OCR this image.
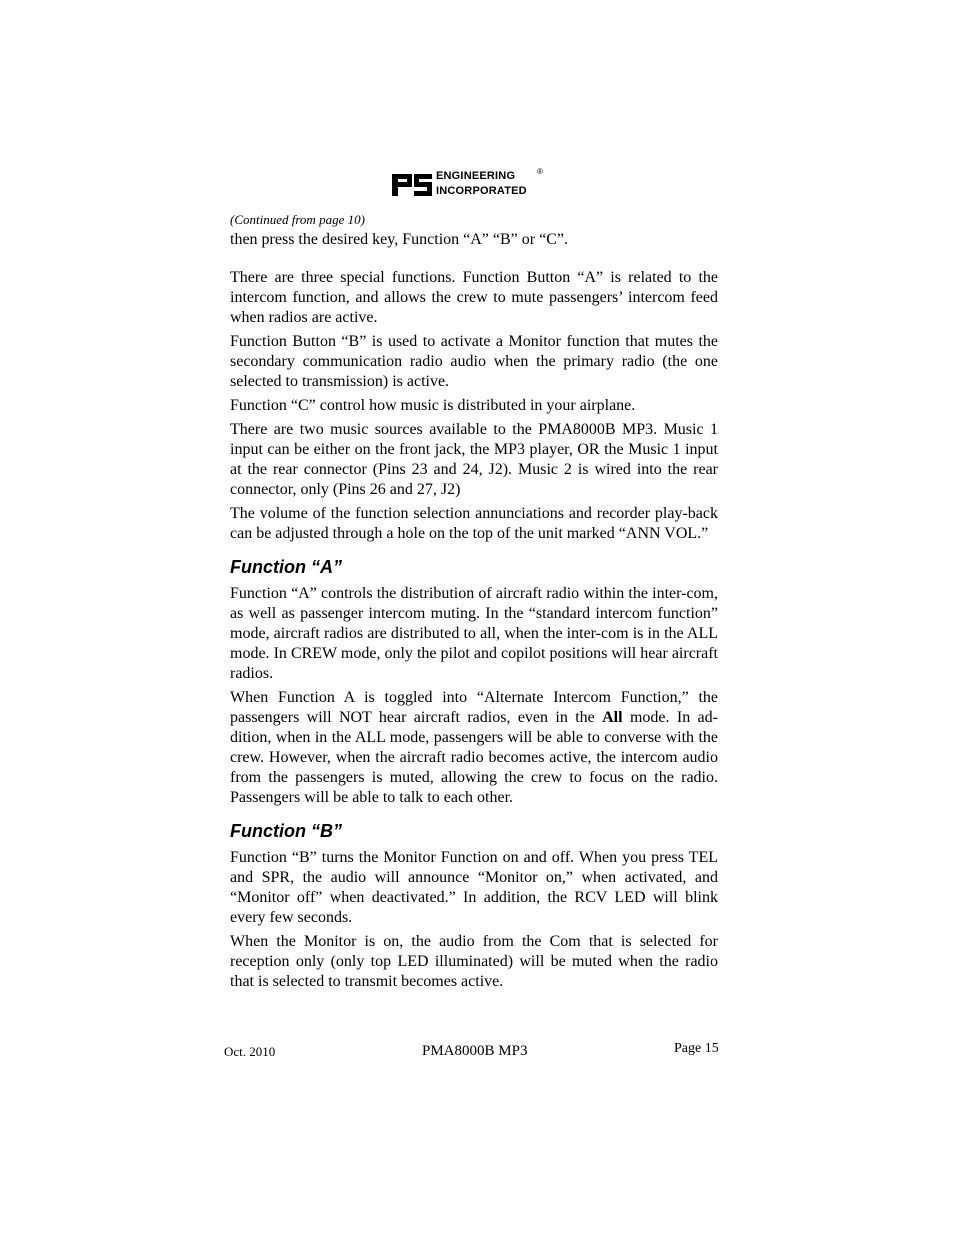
ENGINEERING
INCORPORATED
®
(Continued from page 10)

then press the desired key, Function “A” “B” or “C”.

There are three special functions. Function Button “A” is related to the intercom function, and allows the crew to mute passengers’ intercom feed when radios are active.

Function Button “B” is used to activate a Monitor function that mutes the secondary communication radio audio when the primary radio (the one selected to transmission) is active.

Function “C” control how music is distributed in your airplane.

There are two music sources available to the PMA8000B MP3. Music 1 input can be either on the front jack, the MP3 player, OR the Music 1 input at the rear connector (Pins 23 and 24, J2). Music 2 is wired into the rear connector, only (Pins 26 and 27, J2)

The volume of the function selection annunciations and recorder play-back can be adjusted through a hole on the top of the unit marked “ANN VOL.”

Function “A”

Function “A” controls the distribution of aircraft radio within the inter-com, as well as passenger intercom muting. In the “standard intercom function” mode, aircraft radios are distributed to all, when the inter-com is in the ALL mode. In CREW mode, only the pilot and copilot positions will hear aircraft radios.

When Function A is toggled into “Alternate Intercom Function,” the passengers will NOT hear aircraft radios, even in the All mode. In ad-dition, when in the ALL mode, passengers will be able to converse with the crew. However, when the aircraft radio becomes active, the intercom audio from the passengers is muted, allowing the crew to focus on the radio. Passengers will be able to talk to each other.

Function “B”

Function “B” turns the Monitor Function on and off. When you press TEL and SPR, the audio will announce “Monitor on,” when activated, and “Monitor off” when deactivated.” In addition, the RCV LED will blink every few seconds.

When the Monitor is on, the audio from the Com that is selected for reception only (only top LED illuminated) will be muted when the radio that is selected to transmit becomes active.

Oct. 2010	PMA8000B MP3	Page 15
